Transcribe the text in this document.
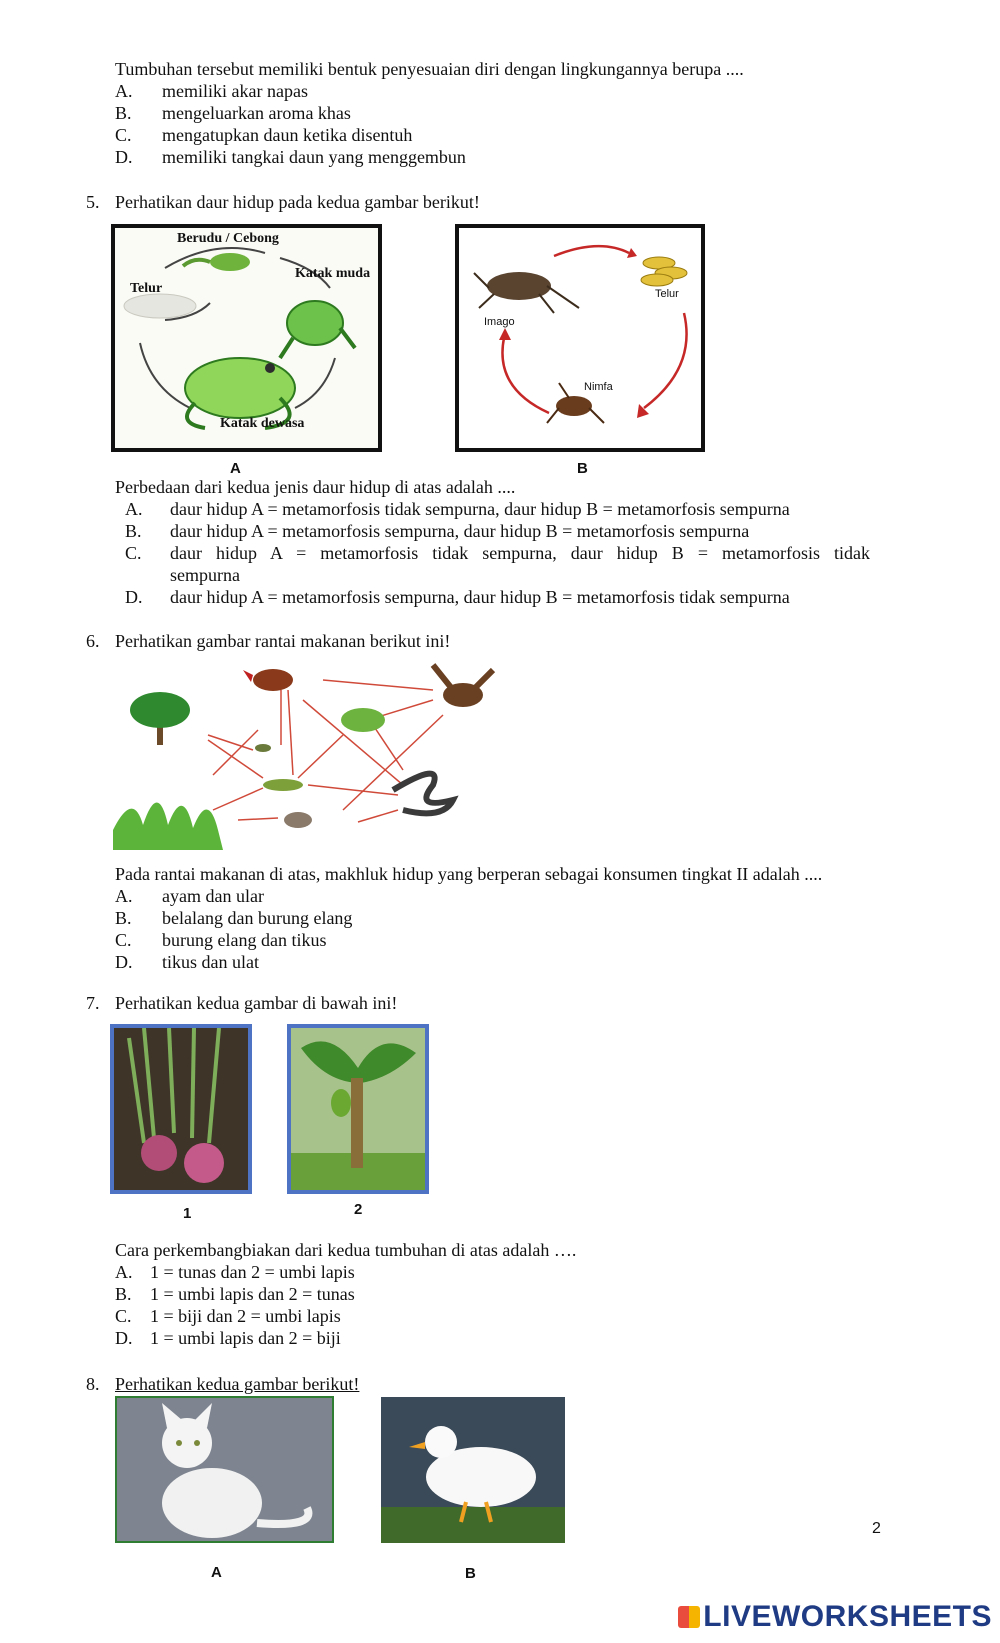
Tumbuhan tersebut memiliki bentuk penyesuaian diri dengan lingkungannya berupa ....
A. memiliki akar napas
B. mengeluarkan aroma khas
C. mengatupkan daun ketika disentuh
D. memiliki tangkai daun yang menggembun
5. Perhatikan daur hidup pada kedua gambar berikut!
Berudu / Cebong
Katak muda
Katak dewasa
Telur	Telur
Nimfa
Imago
A	B
Perbedaan dari kedua jenis daur hidup di atas adalah ....
A. daur hidup A = metamorfosis tidak sempurna, daur hidup B = metamorfosis sempurna
B. daur hidup A = metamorfosis sempurna, daur hidup B = metamorfosis sempurna
C. daur hidup A = metamorfosis tidak sempurna, daur hidup B = metamorfosis tidak
sempurna
D. daur hidup A = metamorfosis sempurna, daur hidup B = metamorfosis tidak sempurna
6. Perhatikan gambar rantai makanan berikut ini!
Pada rantai makanan di atas, makhluk hidup yang berperan sebagai konsumen tingkat II adalah ....
A. ayam dan ular
B. belalang dan burung elang
C. burung elang dan tikus
D. tikus dan ulat
7. Perhatikan kedua gambar di bawah ini!
1	2
Cara perkembangbiakan dari kedua tumbuhan di atas adalah ….
A. 1 = tunas dan 2 = umbi lapis
B. 1 = umbi lapis dan 2 = tunas
C. 1 = biji dan 2 = umbi lapis
D. 1 = umbi lapis dan 2 = biji
8. Perhatikan kedua gambar berikut!
A	B
2
LIVEWORKSHEETS
